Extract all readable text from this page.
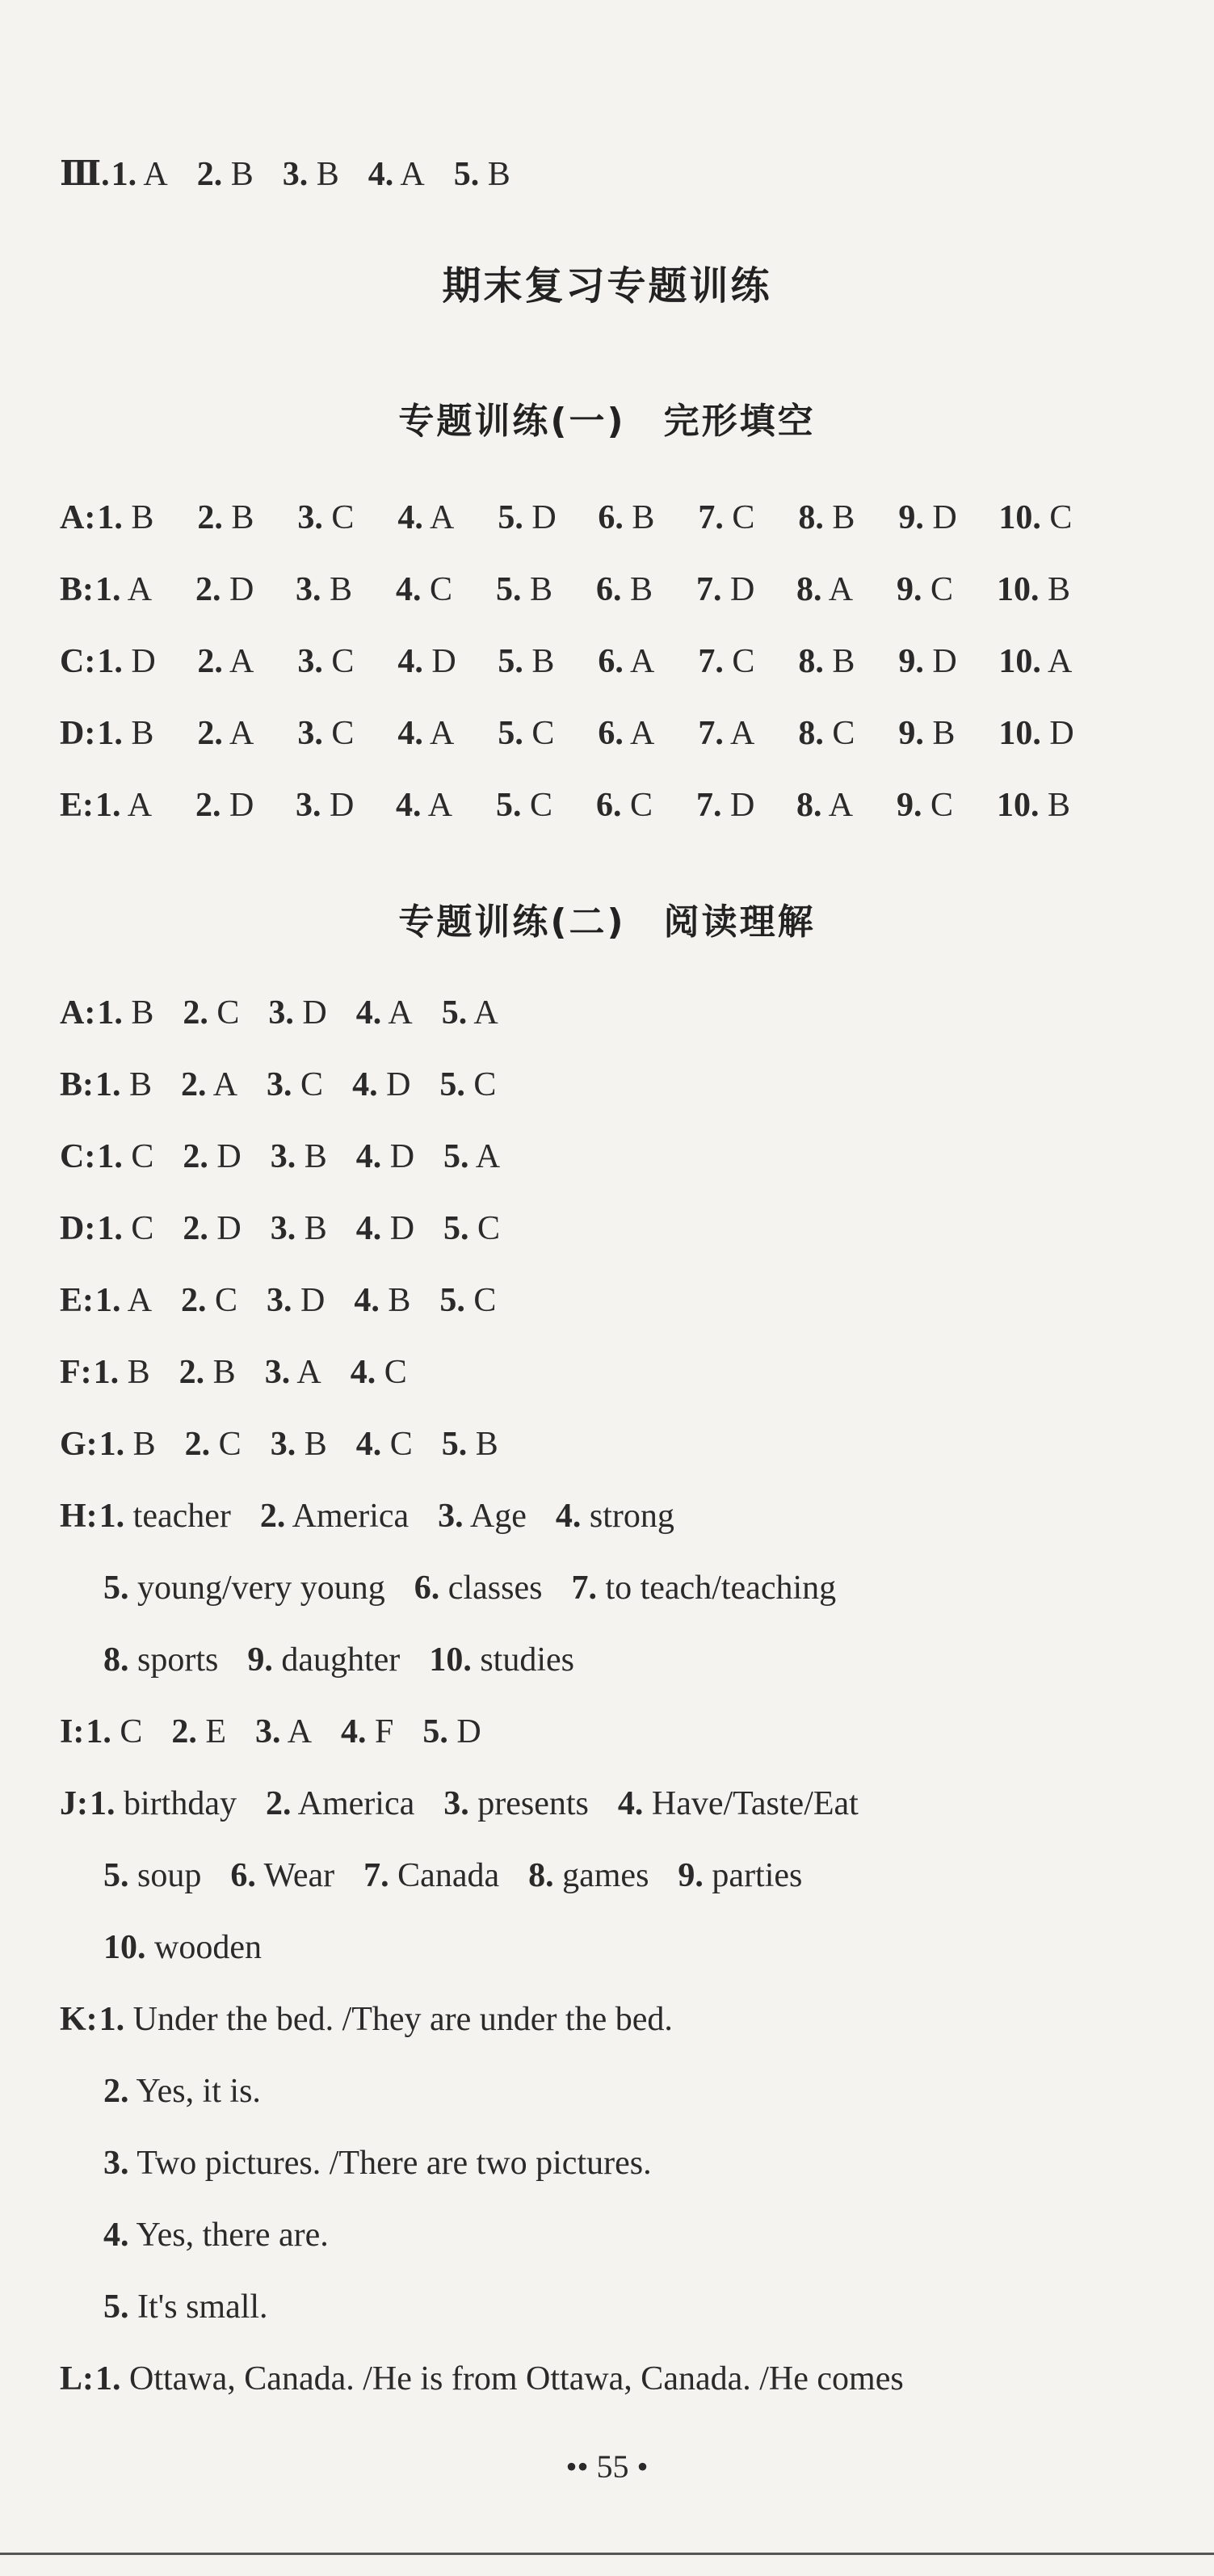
Ⅲ.1. A 2. B 3. B 4. A 5. B
期末复习专题训练
专题训练(一)　完形填空
专题训练(二)　阅读理解
•• 55 •
A:1. B 2. B 3. C 4. A 5. D 6. B 7. C 8. B 9. D 10. C
B:1. A 2. D 3. B 4. C 5. B 6. B 7. D 8. A 9. C 10. B
C:1. D 2. A 3. C 4. D 5. B 6. A 7. C 8. B 9. D 10. A
D:1. B 2. A 3. C 4. A 5. C 6. A 7. A 8. C 9. B 10. D
E:1. A 2. D 3. D 4. A 5. C 6. C 7. D 8. A 9. C 10. B
A:1. B 2. C 3. D 4. A 5. A
B:1. B 2. A 3. C 4. D 5. C
C:1. C 2. D 3. B 4. D 5. A
D:1. C 2. D 3. B 4. D 5. C
E:1. A 2. C 3. D 4. B 5. C
F:1. B 2. B 3. A 4. C
G:1. B 2. C 3. B 4. C 5. B
H:1. teacher 2. America 3. Age 4. strong
5. young/very young 6. classes 7. to teach/teaching
8. sports 9. daughter 10. studies
I:1. C 2. E 3. A 4. F 5. D
J:1. birthday 2. America 3. presents 4. Have/Taste/Eat
5. soup 6. Wear 7. Canada 8. games 9. parties
10. wooden
K:1. Under the bed. /They are under the bed.
2. Yes, it is.
3. Two pictures. /There are two pictures.
4. Yes, there are.
5. It's small.
L:1. Ottawa, Canada. /He is from Ottawa, Canada. /He comes
